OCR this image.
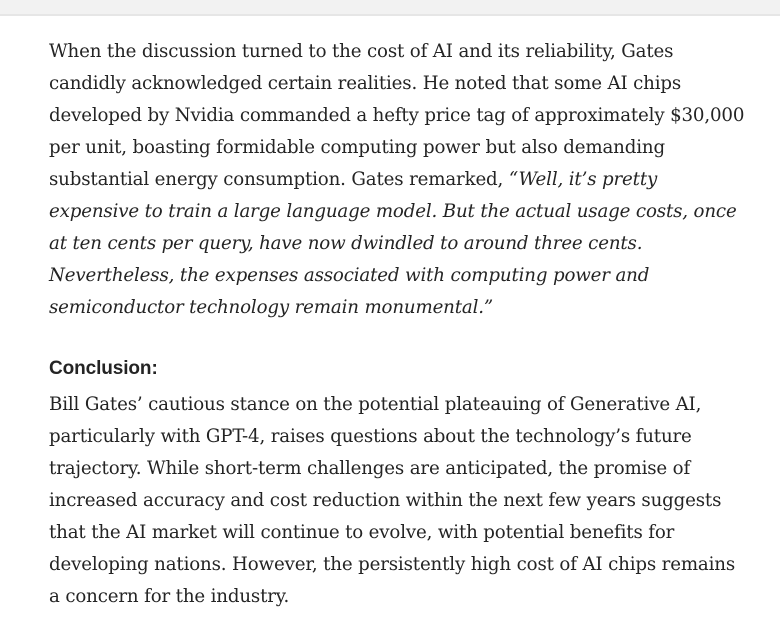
When the discussion turned to the cost of AI and its reliability, Gates candidly acknowledged certain realities. He noted that some AI chips developed by Nvidia commanded a hefty price tag of approximately $30,000 per unit, boasting formidable computing power but also demanding substantial energy consumption. Gates remarked, “Well, it’s pretty expensive to train a large language model. But the actual usage costs, once at ten cents per query, have now dwindled to around three cents. Nevertheless, the expenses associated with computing power and semiconductor technology remain monumental.”

Conclusion:

Bill Gates’ cautious stance on the potential plateauing of Generative AI, particularly with GPT-4, raises questions about the technology’s future trajectory. While short-term challenges are anticipated, the promise of increased accuracy and cost reduction within the next few years suggests that the AI market will continue to evolve, with potential benefits for developing nations. However, the persistently high cost of AI chips remains a concern for the industry.
